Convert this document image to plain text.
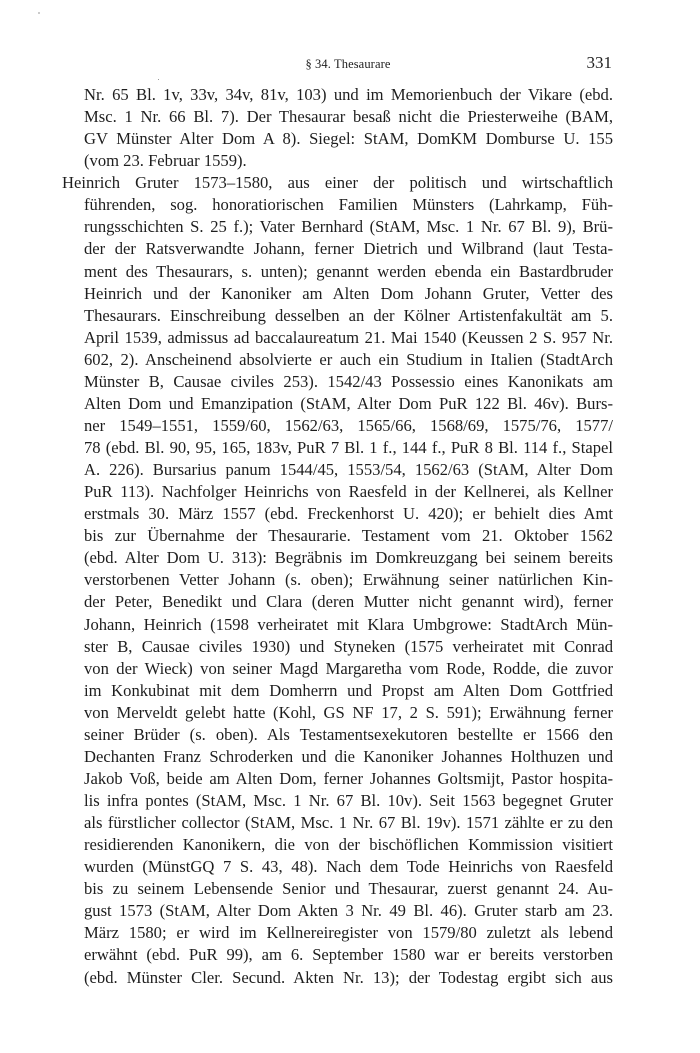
§ 34. Thesaurare	331
Nr. 65 Bl. 1v, 33v, 34v, 81v, 103) und im Memorienbuch der Vikare (ebd.
Msc. 1 Nr. 66 Bl. 7). Der Thesaurar besaß nicht die Priesterweihe (BAM,
GV Münster Alter Dom A 8). Siegel: StAM, DomKM Domburse U. 155
(vom 23. Februar 1559).
Heinrich Gruter 1573–1580, aus einer der politisch und wirtschaftlich
führenden, sog. honoratiorischen Familien Münsters (Lahrkamp, Füh-
rungsschichten S. 25 f.); Vater Bernhard (StAM, Msc. 1 Nr. 67 Bl. 9), Brü-
der der Ratsverwandte Johann, ferner Dietrich und Wilbrand (laut Testa-
ment des Thesaurars, s. unten); genannt werden ebenda ein Bastardbruder
Heinrich und der Kanoniker am Alten Dom Johann Gruter, Vetter des
Thesaurars. Einschreibung desselben an der Kölner Artistenfakultät am 5.
April 1539, admissus ad baccalaureatum 21. Mai 1540 (Keussen 2 S. 957 Nr.
602, 2). Anscheinend absolvierte er auch ein Studium in Italien (StadtArch
Münster B, Causae civiles 253). 1542/43 Possessio eines Kanonikats am
Alten Dom und Emanzipation (StAM, Alter Dom PuR 122 Bl. 46v). Burs-
ner 1549–1551, 1559/60, 1562/63, 1565/66, 1568/69, 1575/76, 1577/
78 (ebd. Bl. 90, 95, 165, 183v, PuR 7 Bl. 1 f., 144 f., PuR 8 Bl. 114 f., Stapel
A. 226). Bursarius panum 1544/45, 1553/54, 1562/63 (StAM, Alter Dom
PuR 113). Nachfolger Heinrichs von Raesfeld in der Kellnerei, als Kellner
erstmals 30. März 1557 (ebd. Freckenhorst U. 420); er behielt dies Amt
bis zur Übernahme der Thesaurarie. Testament vom 21. Oktober 1562
(ebd. Alter Dom U. 313): Begräbnis im Domkreuzgang bei seinem bereits
verstorbenen Vetter Johann (s. oben); Erwähnung seiner natürlichen Kin-
der Peter, Benedikt und Clara (deren Mutter nicht genannt wird), ferner
Johann, Heinrich (1598 verheiratet mit Klara Umbgrowe: StadtArch Mün-
ster B, Causae civiles 1930) und Styneken (1575 verheiratet mit Conrad
von der Wieck) von seiner Magd Margaretha vom Rode, Rodde, die zuvor
im Konkubinat mit dem Domherrn und Propst am Alten Dom Gottfried
von Merveldt gelebt hatte (Kohl, GS NF 17, 2 S. 591); Erwähnung ferner
seiner Brüder (s. oben). Als Testamentsexekutoren bestellte er 1566 den
Dechanten Franz Schroderken und die Kanoniker Johannes Holthuzen und
Jakob Voß, beide am Alten Dom, ferner Johannes Goltsmijt, Pastor hospita-
lis infra pontes (StAM, Msc. 1 Nr. 67 Bl. 10v). Seit 1563 begegnet Gruter
als fürstlicher collector (StAM, Msc. 1 Nr. 67 Bl. 19v). 1571 zählte er zu den
residierenden Kanonikern, die von der bischöflichen Kommission visitiert
wurden (MünstGQ 7 S. 43, 48). Nach dem Tode Heinrichs von Raesfeld
bis zu seinem Lebensende Senior und Thesaurar, zuerst genannt 24. Au-
gust 1573 (StAM, Alter Dom Akten 3 Nr. 49 Bl. 46). Gruter starb am 23.
März 1580; er wird im Kellnereiregister von 1579/80 zuletzt als lebend
erwähnt (ebd. PuR 99), am 6. September 1580 war er bereits verstorben
(ebd. Münster Cler. Secund. Akten Nr. 13); der Todestag ergibt sich aus
